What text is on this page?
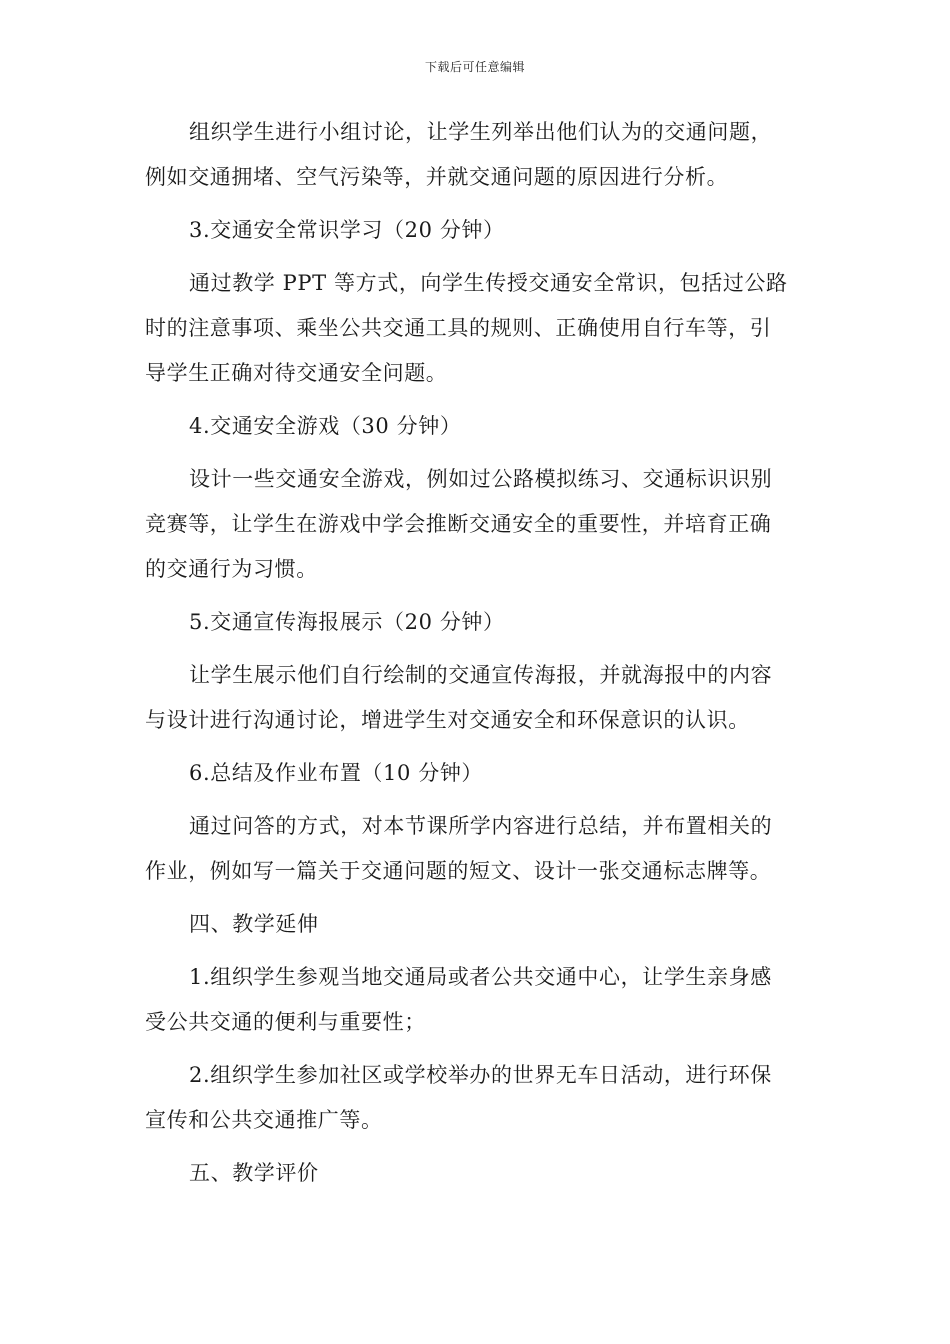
下载后可任意编辑
组织学生进行小组讨论，让学生列举出他们认为的交通问题，
例如交通拥堵、空气污染等，并就交通问题的原因进行分析。
3.交通安全常识学习（20 分钟）
通过教学 PPT 等方式，向学生传授交通安全常识，包括过公路
时的注意事项、乘坐公共交通工具的规则、正确使用自行车等，引
导学生正确对待交通安全问题。
4.交通安全游戏（30 分钟）
设计一些交通安全游戏，例如过公路模拟练习、交通标识识别
竞赛等，让学生在游戏中学会推断交通安全的重要性，并培育正确
的交通行为习惯。
5.交通宣传海报展示（20 分钟）
让学生展示他们自行绘制的交通宣传海报，并就海报中的内容
与设计进行沟通讨论，增进学生对交通安全和环保意识的认识。
6.总结及作业布置（10 分钟）
通过问答的方式，对本节课所学内容进行总结，并布置相关的
作业，例如写一篇关于交通问题的短文、设计一张交通标志牌等。
四、教学延伸
1.组织学生参观当地交通局或者公共交通中心，让学生亲身感
受公共交通的便利与重要性；
2.组织学生参加社区或学校举办的世界无车日活动，进行环保
宣传和公共交通推广等。
五、教学评价
